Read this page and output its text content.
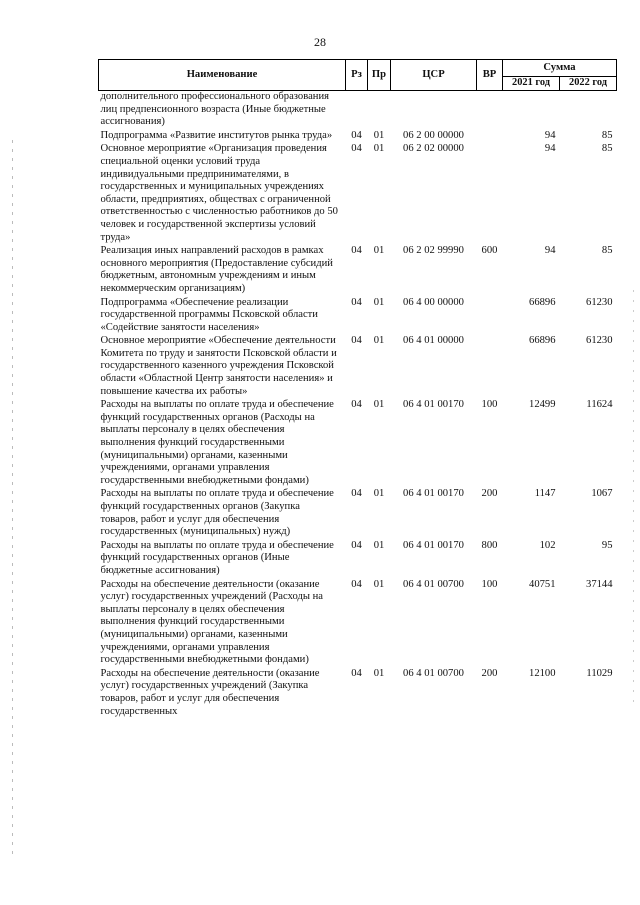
28
Наименование	Рз	Пр	ЦСР	ВР	Сумма	
					2021 год	2022 год
дополнительного профессионального образования лиц предпенсионного возраста (Иные бюджетные ассигнования)						
Подпрограмма «Развитие институтов рынка труда»	04	01	06 2 00 00000		94	85
Основное мероприятие «Организация проведения специальной оценки условий труда индивидуальными предпринимателями, в государственных и муниципальных учреждениях области, предприятиях, обществах с ограниченной ответственностью с численностью работников до 50 человек и государственной экспертизы условий труда»	04	01	06 2 02 00000		94	85
Реализация иных направлений расходов в рамках основного мероприятия (Предоставление субсидий бюджетным, автономным учреждениям и иным некоммерческим организациям)	04	01	06 2 02 99990	600	94	85
Подпрограмма «Обеспечение реализации государственной программы Псковской области «Содействие занятости населения»	04	01	06 4 00 00000		66896	61230
Основное мероприятие «Обеспечение деятельности Комитета по труду и занятости Псковской области и государственного казенного учреждения Псковской области «Областной Центр занятости населения» и повышение качества их работы»	04	01	06 4 01 00000		66896	61230
Расходы на выплаты по оплате труда и обеспечение функций государственных органов (Расходы на выплаты персоналу в целях обеспечения выполнения функций государственными (муниципальными) органами, казенными учреждениями, органами управления государственными внебюджетными фондами)	04	01	06 4 01 00170	100	12499	11624
Расходы на выплаты по оплате труда и обеспечение функций государственных органов (Закупка товаров, работ и услуг для обеспечения государственных (муниципальных) нужд)	04	01	06 4 01 00170	200	1147	1067
Расходы на выплаты по оплате труда и обеспечение функций государственных органов (Иные бюджетные ассигнования)	04	01	06 4 01 00170	800	102	95
Расходы на обеспечение деятельности (оказание услуг) государственных учреждений (Расходы на выплаты персоналу в целях обеспечения выполнения функций государственными (муниципальными) органами, казенными учреждениями, органами управления государственными внебюджетными фондами)	04	01	06 4 01 00700	100	40751	37144
Расходы на обеспечение деятельности (оказание услуг) государственных учреждений (Закупка товаров, работ и услуг для обеспечения государственных	04	01	06 4 01 00700	200	12100	11029
